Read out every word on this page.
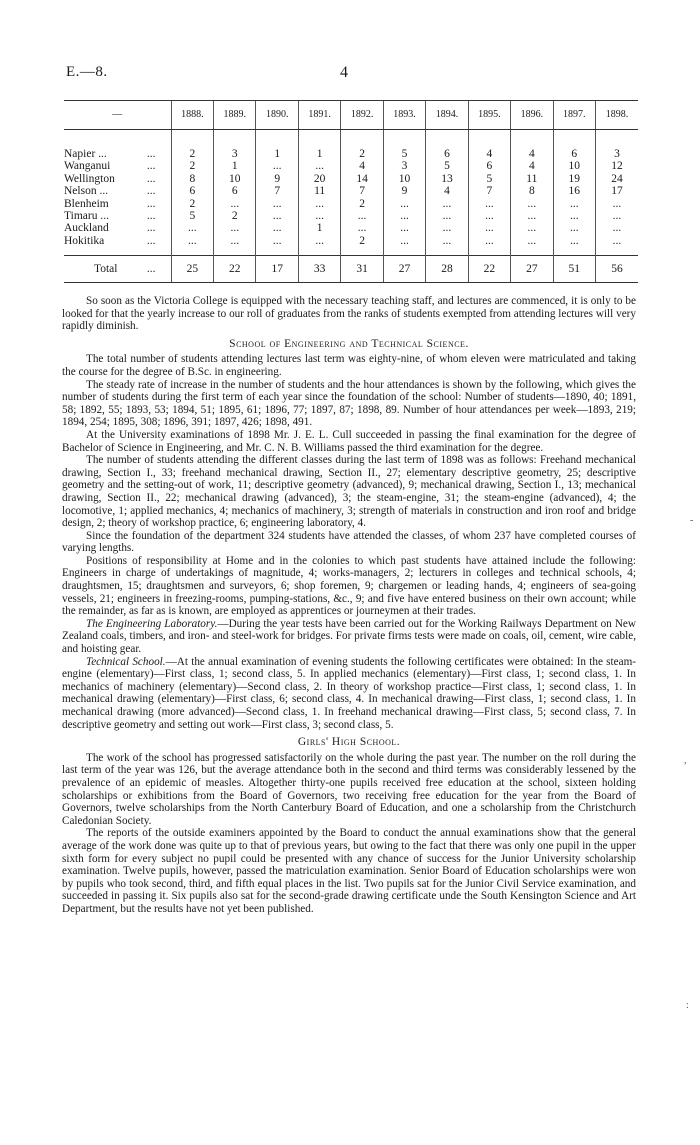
E.—8.	4
—		1888.	1889.	1890.	1891.	1892.	1893.	1894.	1895.	1896.	1897.	1898.

Napier ...	...	2	3	1	1	2	5	6	4	4	6	3
Wanganui	...	2	1	...	...	4	3	5	6	4	10	12
Wellington	...	8	10	9	20	14	10	13	5	11	19	24
Nelson ...	...	6	6	7	11	7	9	4	7	8	16	17
Blenheim	...	2	...	...	...	2	...	...	...	...	...	...
Timaru ...	...	5	2	...	...	...	...	...	...	...	...	...
Auckland	...	...	...	...	1	...	...	...	...	...	...	...
Hokitika	...	...	...	...	...	2	...	...	...	...	...	...

Total	...	25	22	17	33	31	27	28	22	27	51	56

So soon as the Victoria College is equipped with the necessary teaching staff, and lectures are commenced, it is only to be looked for that the yearly increase to our roll of graduates from the ranks of students exempted from attending lectures will very rapidly diminish.

School of Engineering and Technical Science.

The total number of students attending lectures last term was eighty-nine, of whom eleven were matriculated and taking the course for the degree of B.Sc. in engineering.

The steady rate of increase in the number of students and the hour attendances is shown by the following, which gives the number of students during the first term of each year since the foundation of the school: Number of students—1890, 40; 1891, 58; 1892, 55; 1893, 53; 1894, 51; 1895, 61; 1896, 77; 1897, 87; 1898, 89. Number of hour attendances per week—1893, 219; 1894, 254; 1895, 308; 1896, 391; 1897, 426; 1898, 491.

At the University examinations of 1898 Mr. J. E. L. Cull succeeded in passing the final examination for the degree of Bachelor of Science in Engineering, and Mr. C. N. B. Williams passed the third examination for the degree.

The number of students attending the different classes during the last term of 1898 was as follows: Freehand mechanical drawing, Section I., 33; freehand mechanical drawing, Section II., 27; elementary descriptive geometry, 25; descriptive geometry and the setting-out of work, 11; descriptive geometry (advanced), 9; mechanical drawing, Section I., 13; mechanical drawing, Section II., 22; mechanical drawing (advanced), 3; the steam-engine, 31; the steam-engine (advanced), 4; the locomotive, 1; applied mechanics, 4; mechanics of machinery, 3; strength of materials in construction and iron roof and bridge design, 2; theory of workshop practice, 6; engineering laboratory, 4.

Since the foundation of the department 324 students have attended the classes, of whom 237 have completed courses of varying lengths.

Positions of responsibility at Home and in the colonies to which past students have attained include the following: Engineers in charge of undertakings of magnitude, 4; works-managers, 2; lecturers in colleges and technical schools, 4; draughtsmen, 15; draughtsmen and surveyors, 6; shop foremen, 9; chargemen or leading hands, 4; engineers of sea-going vessels, 21; engineers in freezing-rooms, pumping-stations, &c., 9; and five have entered business on their own account; while the remainder, as far as is known, are employed as apprentices or journeymen at their trades.

The Engineering Laboratory.—During the year tests have been carried out for the Working Railways Department on New Zealand coals, timbers, and iron- and steel-work for bridges. For private firms tests were made on coals, oil, cement, wire cable, and hoisting gear.

Technical School.—At the annual examination of evening students the following certificates were obtained: In the steam-engine (elementary)—First class, 1; second class, 5. In applied mechanics (elementary)—First class, 1; second class, 1. In mechanics of machinery (elementary)—Second class, 2. In theory of workshop practice—First class, 1; second class, 1. In mechanical drawing (elementary)—First class, 6; second class, 4. In mechanical drawing—First class, 1; second class, 1. In mechanical drawing (more advanced)—Second class, 1. In freehand mechanical drawing—First class, 5; second class, 7. In descriptive geometry and setting out work—First class, 3; second class, 5.

Girls' High School.

The work of the school has progressed satisfactorily on the whole during the past year. The number on the roll during the last term of the year was 126, but the average attendance both in the second and third terms was considerably lessened by the prevalence of an epidemic of measles. Altogether thirty-one pupils received free education at the school, sixteen holding scholarships or exhibitions from the Board of Governors, two receiving free education for the year from the Board of Governors, twelve scholarships from the North Canterbury Board of Education, and one a scholarship from the Christchurch Caledonian Society.

The reports of the outside examiners appointed by the Board to conduct the annual examinations show that the general average of the work done was quite up to that of previous years, but owing to the fact that there was only one pupil in the upper sixth form for every subject no pupil could be presented with any chance of success for the Junior University scholarship examination. Twelve pupils, however, passed the matriculation examination. Senior Board of Education scholarships were won by pupils who took second, third, and fifth equal places in the list. Two pupils sat for the Junior Civil Service examination, and succeeded in passing it. Six pupils also sat for the second-grade drawing certificate unde the South Kensington Science and Art Department, but the results have not yet been published.

-
,
:
